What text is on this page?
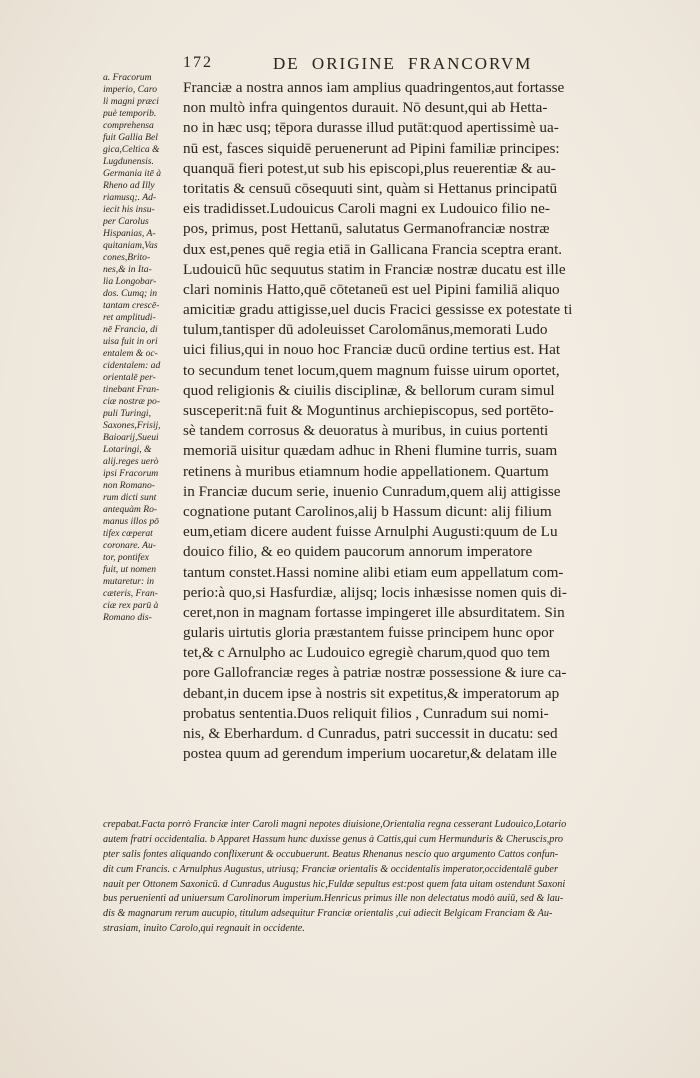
172	DE ORIGINE FRANCORVM
a. Fracorum
imperio, Caro
li magni præci
puè temporib.
comprehensa
fuit Gallia Bel
gica,Celtica &
Lugdunensis.
Germania itē à
Rheno ad Illy
riamusq;. Ad-
iecit his insu-
per Carolus
Hispanias, A-
quitaniam,Vas
cones,Brito-
nes,& in Ita-
lia Longobar-
dos. Cumq; in
tantam crescē-
ret amplitudi-
nē Francia, di
uisa fuit in ori
entalem & oc-
cidentalem: ad
orientalē per-
tinebant Fran-
ciæ nostræ po-
puli Turingi,
Saxones,Frisij,
Baioarij,Sueui
Lotaringi, &
alij.reges uerò
ipsi Fracorum
non Romano-
rum dicti sunt
antequàm Ro-
manus illos pō
tifex cœperat
coronare. Au-
tor, pontifex
fuit, ut nomen
mutaretur: in
cæteris, Fran-
ciæ rex parū à
Romano dis-
Franciæ a nostra annos iam amplius quadringentos,aut fortasse
non multò infra quingentos durauit. Nō desunt,qui ab Hetta-
no in hæc usq; tēpora durasse illud putāt:quod apertissimè ua-
nū est, fasces siquidē peruenerunt ad Pipini familiæ principes:
quanquā fieri potest,ut sub his episcopi,plus reuerentiæ & au-
toritatis & censuū cōsequuti sint, quàm si Hettanus principatū
eis tradidisset.Ludouicus Caroli magni ex Ludouico filio ne-
pos, primus, post Hettanū, salutatus Germanofranciæ nostræ
dux est,penes quē regia etiā in Gallicana Francia sceptra erant.
Ludouicū hūc sequutus statim in Franciæ nostræ ducatu est ille
clari nominis Hatto,quē cōtetaneū est uel Pipini familiā aliquo
amicitiæ gradu attigisse,uel ducis Fracici gessisse ex potestate ti
tulum,tantisper dū adoleuisset Carolomānus,memorati Ludo
uici filius,qui in nouo hoc Franciæ ducū ordine tertius est. Hat
to secundum tenet locum,quem magnum fuisse uirum oportet,
quod religionis & ciuilis disciplinæ, & bellorum curam simul
susceperit:nā fuit & Moguntinus archiepiscopus, sed portēto-
sè tandem corrosus & deuoratus à muribus, in cuius portenti
memoriā uisitur quædam adhuc in Rheni flumine turris, suam
retinens à muribus etiamnum hodie appellationem. Quartum
in Franciæ ducum serie, inuenio Cunradum,quem alij attigisse
cognatione putant Carolinos,alij b Hassum dicunt: alij filium
eum,etiam dicere audent fuisse Arnulphi Augusti:quum de Lu
douico filio, & eo quidem paucorum annorum imperatore
tantum constet.Hassi nomine alibi etiam eum appellatum com-
perio:à quo,si Hasfurdiæ, alijsq; locis inhæsisse nomen quis di-
ceret,non in magnam fortasse impingeret ille absurditatem. Sin
gularis uirtutis gloria præstantem fuisse principem hunc opor
tet,& c Arnulpho ac Ludouico egregiè charum,quod quo tem
pore Gallofranciæ reges à patriæ nostræ possessione & iure ca-
debant,in ducem ipse à nostris sit expetitus,& imperatorum ap
probatus sententia.Duos reliquit filios , Cunradum sui nomi-
nis, & Eberhardum. d Cunradus, patri successit in ducatu: sed
postea quum ad gerendum imperium uocaretur,& delatam ille
crepabat.Facta porrò Franciæ inter Caroli magni nepotes diuisione,Orientalia regna cesserant Ludouico,Lotario
autem fratri occidentalia. b Apparet Hassum hunc duxisse genus à Cattis,qui cum Hermunduris & Cheruscis,pro
pter salis fontes aliquando conflixerunt & occubuerunt. Beatus Rhenanus nescio quo argumento Cattos confun-
dit cum Francis. c Arnulphus Augustus, utriusq; Franciæ orientalis & occidentalis imperator,occidentalē guber
nauit per Ottonem Saxonicū. d Cunradus Augustus hic,Fuldæ sepultus est:post quem fata uitam ostendunt Saxoni
bus peruenienti ad uniuersum Carolinorum imperium.Henricus primus ille non delectatus modò auiū, sed & lau-
dis & magnarum rerum aucupio, titulum adsequitur Franciæ orientalis ,cui adiecit Belgicam Franciam & Au-
strasiam, inuito Carolo,qui regnauit in occidente.
